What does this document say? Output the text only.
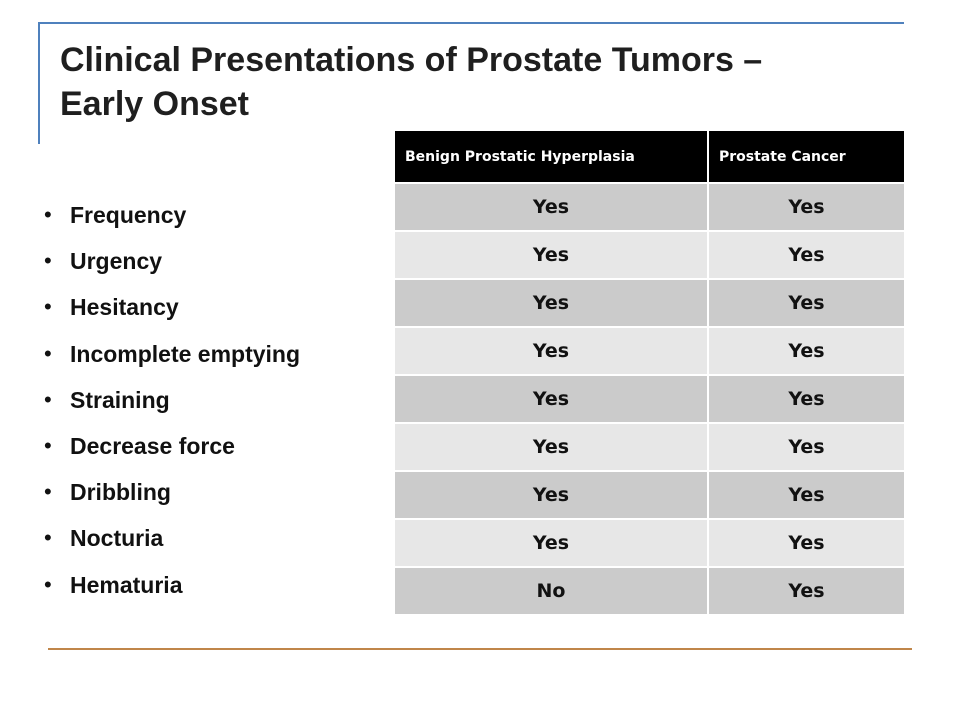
Clinical Presentations of Prostate Tumors – Early Onset
• Frequency
• Urgency
• Hesitancy
• Incomplete emptying
• Straining
• Decrease force
• Dribbling
• Nocturia
• Hematuria
Benign Prostatic Hyperplasia	Prostate Cancer
Yes	Yes
Yes	Yes
Yes	Yes
Yes	Yes
Yes	Yes
Yes	Yes
Yes	Yes
Yes	Yes
No	Yes
